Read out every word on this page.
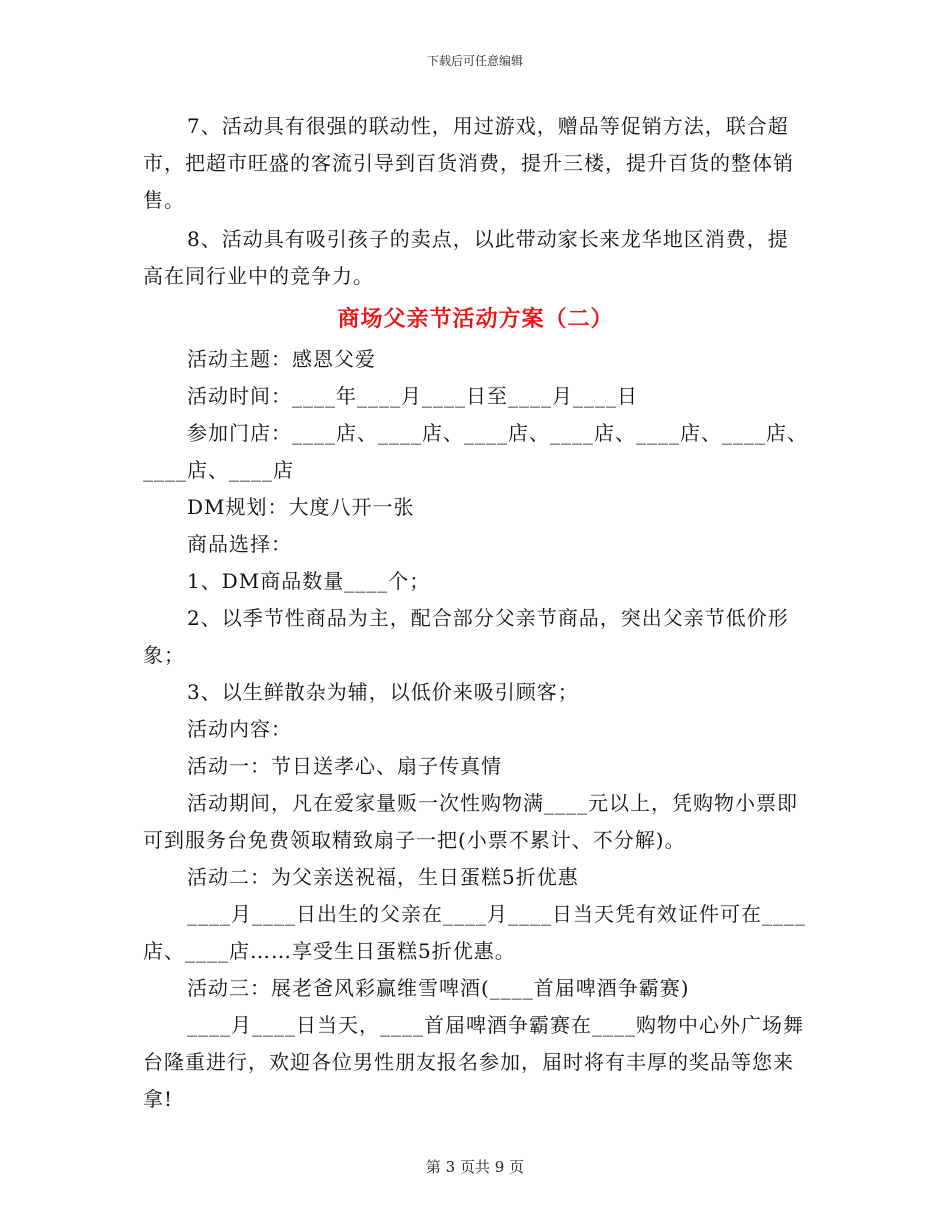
下载后可任意编辑

7、活动具有很强的联动性，用过游戏，赠品等促销方法，联合超市，把超市旺盛的客流引导到百货消费，提升三楼，提升百货的整体销售。

8、活动具有吸引孩子的卖点，以此带动家长来龙华地区消费，提高在同行业中的竞争力。

商场父亲节活动方案（二）

活动主题：感恩父爱

活动时间：____年____月____日至____月____日

参加门店：____店、____店、____店、____店、____店、____店、____店、____店

DM规划：大度八开一张

商品选择：

1、DM商品数量____个；

2、以季节性商品为主，配合部分父亲节商品，突出父亲节低价形象；

3、以生鲜散杂为辅，以低价来吸引顾客；

活动内容：

活动一：节日送孝心、扇子传真情

活动期间，凡在爱家量贩一次性购物满____元以上，凭购物小票即可到服务台免费领取精致扇子一把(小票不累计、不分解)。

活动二：为父亲送祝福，生日蛋糕5折优惠

____月____日出生的父亲在____月____日当天凭有效证件可在____店、____店……享受生日蛋糕5折优惠。

活动三：展老爸风彩赢维雪啤酒(____首届啤酒争霸赛)

____月____日当天，____首届啤酒争霸赛在____购物中心外广场舞台隆重进行，欢迎各位男性朋友报名参加，届时将有丰厚的奖品等您来拿!

第 3 页共 9 页
